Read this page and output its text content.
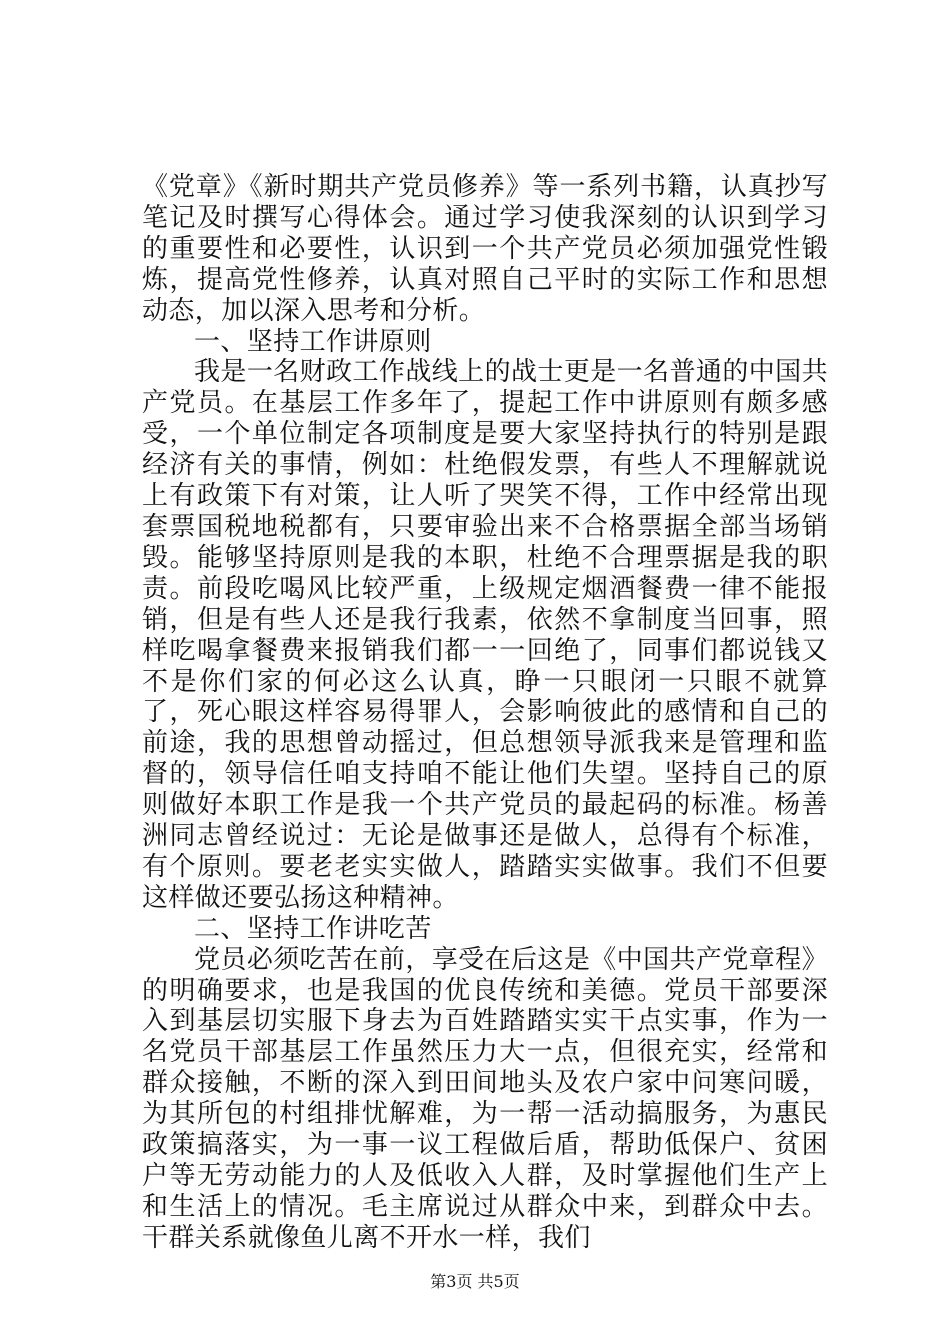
《党章》《新时期共产党员修养》等一系列书籍，认真抄写笔记及时撰写心得体会。通过学习使我深刻的认识到学习的重要性和必要性，认识到一个共产党员必须加强党性锻炼，提高党性修养，认真对照自己平时的实际工作和思想动态，加以深入思考和分析。

一、坚持工作讲原则

我是一名财政工作战线上的战士更是一名普通的中国共产党员。在基层工作多年了，提起工作中讲原则有颇多感受，一个单位制定各项制度是要大家坚持执行的特别是跟经济有关的事情，例如：杜绝假发票，有些人不理解就说上有政策下有对策，让人听了哭笑不得，工作中经常出现套票国税地税都有，只要审验出来不合格票据全部当场销毁。能够坚持原则是我的本职，杜绝不合理票据是我的职责。前段吃喝风比较严重，上级规定烟酒餐费一律不能报销，但是有些人还是我行我素，依然不拿制度当回事，照样吃喝拿餐费来报销我们都一一回绝了，同事们都说钱又不是你们家的何必这么认真，睁一只眼闭一只眼不就算了，死心眼这样容易得罪人，会影响彼此的感情和自己的前途，我的思想曾动摇过，但总想领导派我来是管理和监督的，领导信任咱支持咱不能让他们失望。坚持自己的原则做好本职工作是我一个共产党员的最起码的标准。杨善洲同志曾经说过：无论是做事还是做人，总得有个标准，有个原则。要老老实实做人，踏踏实实做事。我们不但要这样做还要弘扬这种精神。

二、坚持工作讲吃苦

党员必须吃苦在前，享受在后这是《中国共产党章程》的明确要求，也是我国的优良传统和美德。党员干部要深入到基层切实服下身去为百姓踏踏实实干点实事，作为一名党员干部基层工作虽然压力大一点，但很充实，经常和群众接触，不断的深入到田间地头及农户家中问寒问暖，为其所包的村组排忧解难，为一帮一活动搞服务，为惠民政策搞落实，为一事一议工程做后盾，帮助低保户、贫困户等无劳动能力的人及低收入人群，及时掌握他们生产上和生活上的情况。毛主席说过从群众中来，到群众中去。干群关系就像鱼儿离不开水一样，我们

第3页 共5页
